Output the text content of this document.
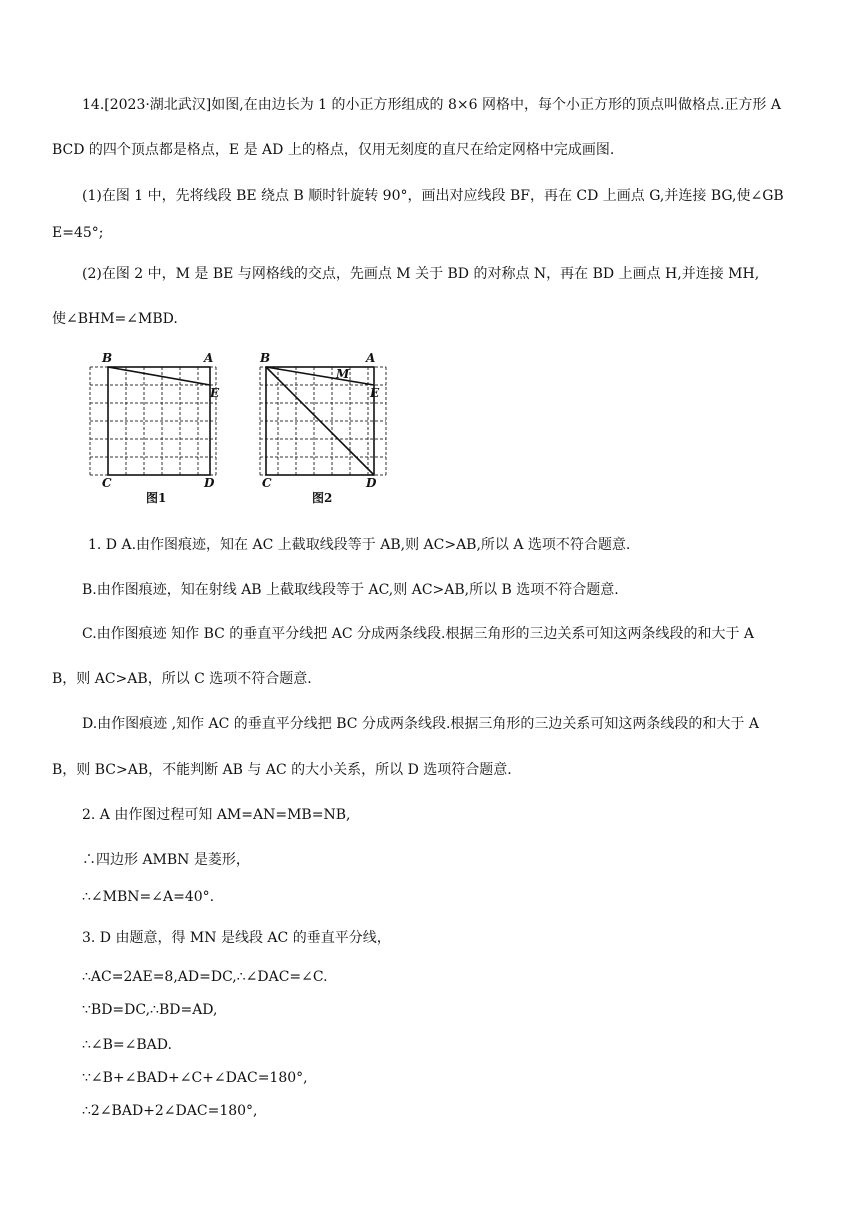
14.[2023·湖北武汉]如图,在由边长为 1 的小正方形组成的 8×6 网格中，每个小正方形的顶点叫做格点.正方形 A
BCD 的四个顶点都是格点，E 是 AD 上的格点，仅用无刻度的直尺在给定网格中完成画图.
(1)在图 1 中，先将线段 BE 绕点 B 顺时针旋转 90°，画出对应线段 BF，再在 CD 上画点 G,并连接 BG,使∠GB
E=45°;
(2)在图 2 中，M 是 BE 与网格线的交点，先画点 M 关于 BD 的对称点 N，再在 BD 上画点 H,并连接 MH,
使∠BHM=∠MBD.
B	A
E
C	D
图1
B	A
M
E
C	D
图2
1. D A.由作图痕迹，知在 AC 上截取线段等于 AB,则 AC>AB,所以 A 选项不符合题意.
B.由作图痕迹，知在射线 AB 上截取线段等于 AC,则 AC>AB,所以 B 选项不符合题意.
C.由作图痕迹 知作 BC 的垂直平分线把 AC 分成两条线段.根据三角形的三边关系可知这两条线段的和大于 A
B，则 AC>AB，所以 C 选项不符合题意.
D.由作图痕迹 ,知作 AC 的垂直平分线把 BC 分成两条线段.根据三角形的三边关系可知这两条线段的和大于 A
B，则 BC>AB，不能判断 AB 与 AC 的大小关系，所以 D 选项符合题意.
2. A 由作图过程可知 AM=AN=MB=NB,
∴四边形 AMBN 是菱形，
∴∠MBN=∠A=40°.
3. D 由题意，得 MN 是线段 AC 的垂直平分线，
∴AC=2AE=8,AD=DC,∴∠DAC=∠C.
∵BD=DC,∴BD=AD,
∴∠B=∠BAD.
∵∠B+∠BAD+∠C+∠DAC=180°,
∴2∠BAD+2∠DAC=180°,
